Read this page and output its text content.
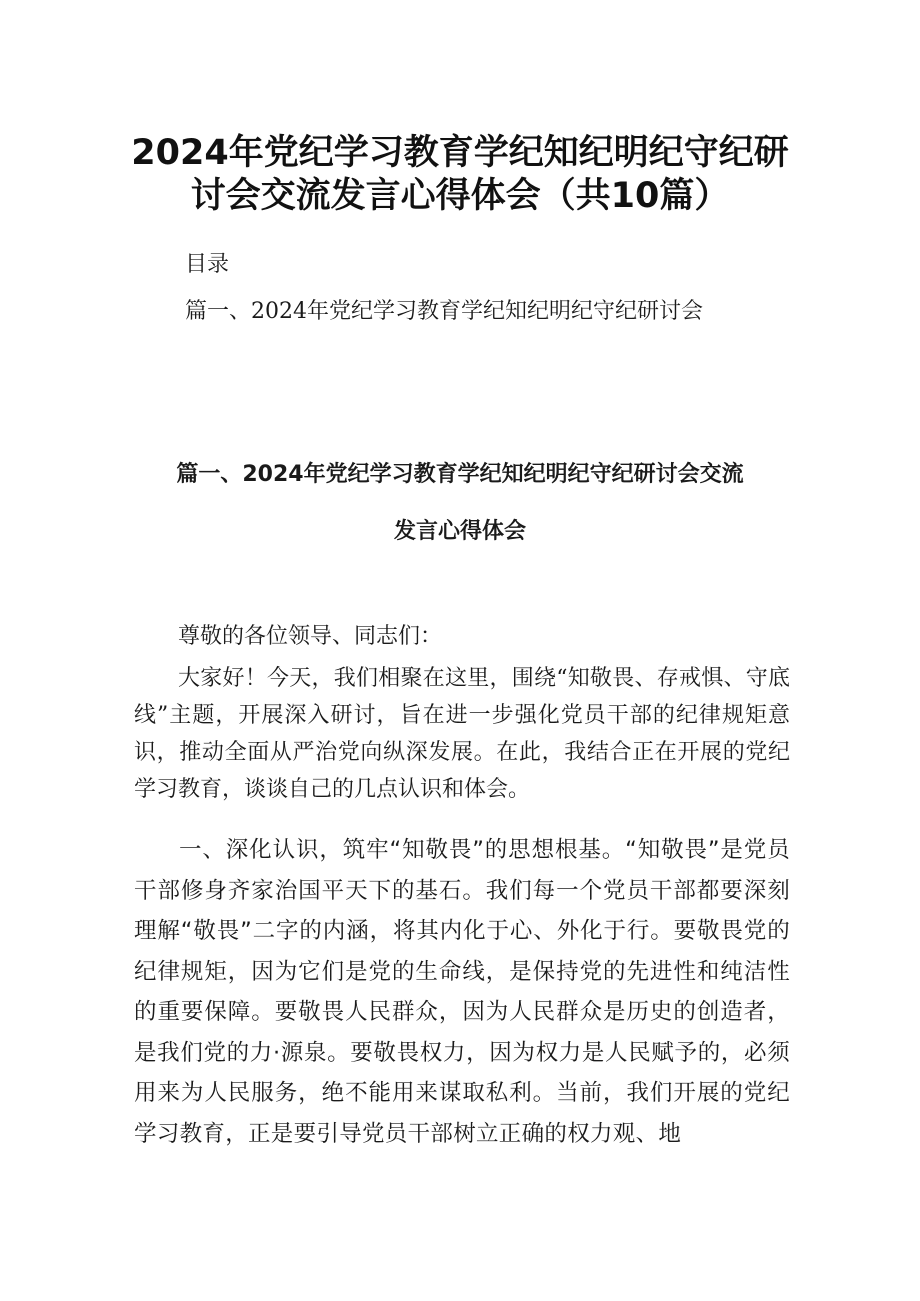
2024年党纪学习教育学纪知纪明纪守纪研
讨会交流发言心得体会（共10篇）
目录
篇一、2024年党纪学习教育学纪知纪明纪守纪研讨会
篇一、2024年党纪学习教育学纪知纪明纪守纪研讨会交流
发言心得体会

尊敬的各位领导、同志们：

大家好！今天，我们相聚在这里，围绕“知敬畏、存戒惧、守底线”主题，开展深入研讨，旨在进一步强化党员干部的纪律规矩意识，推动全面从严治党向纵深发展。在此，我结合正在开展的党纪学习教育，谈谈自己的几点认识和体会。

一、深化认识，筑牢“知敬畏”的思想根基。“知敬畏”是党员干部修身齐家治国平天下的基石。我们每一个党员干部都要深刻理解“敬畏”二字的内涵，将其内化于心、外化于行。要敬畏党的纪律规矩，因为它们是党的生命线，是保持党的先进性和纯洁性的重要保障。要敬畏人民群众，因为人民群众是历史的创造者，是我们党的力·源泉。要敬畏权力，因为权力是人民赋予的，必须用来为人民服务，绝不能用来谋取私利。当前，我们开展的党纪学习教育，正是要引导党员干部树立正确的权力观、地
